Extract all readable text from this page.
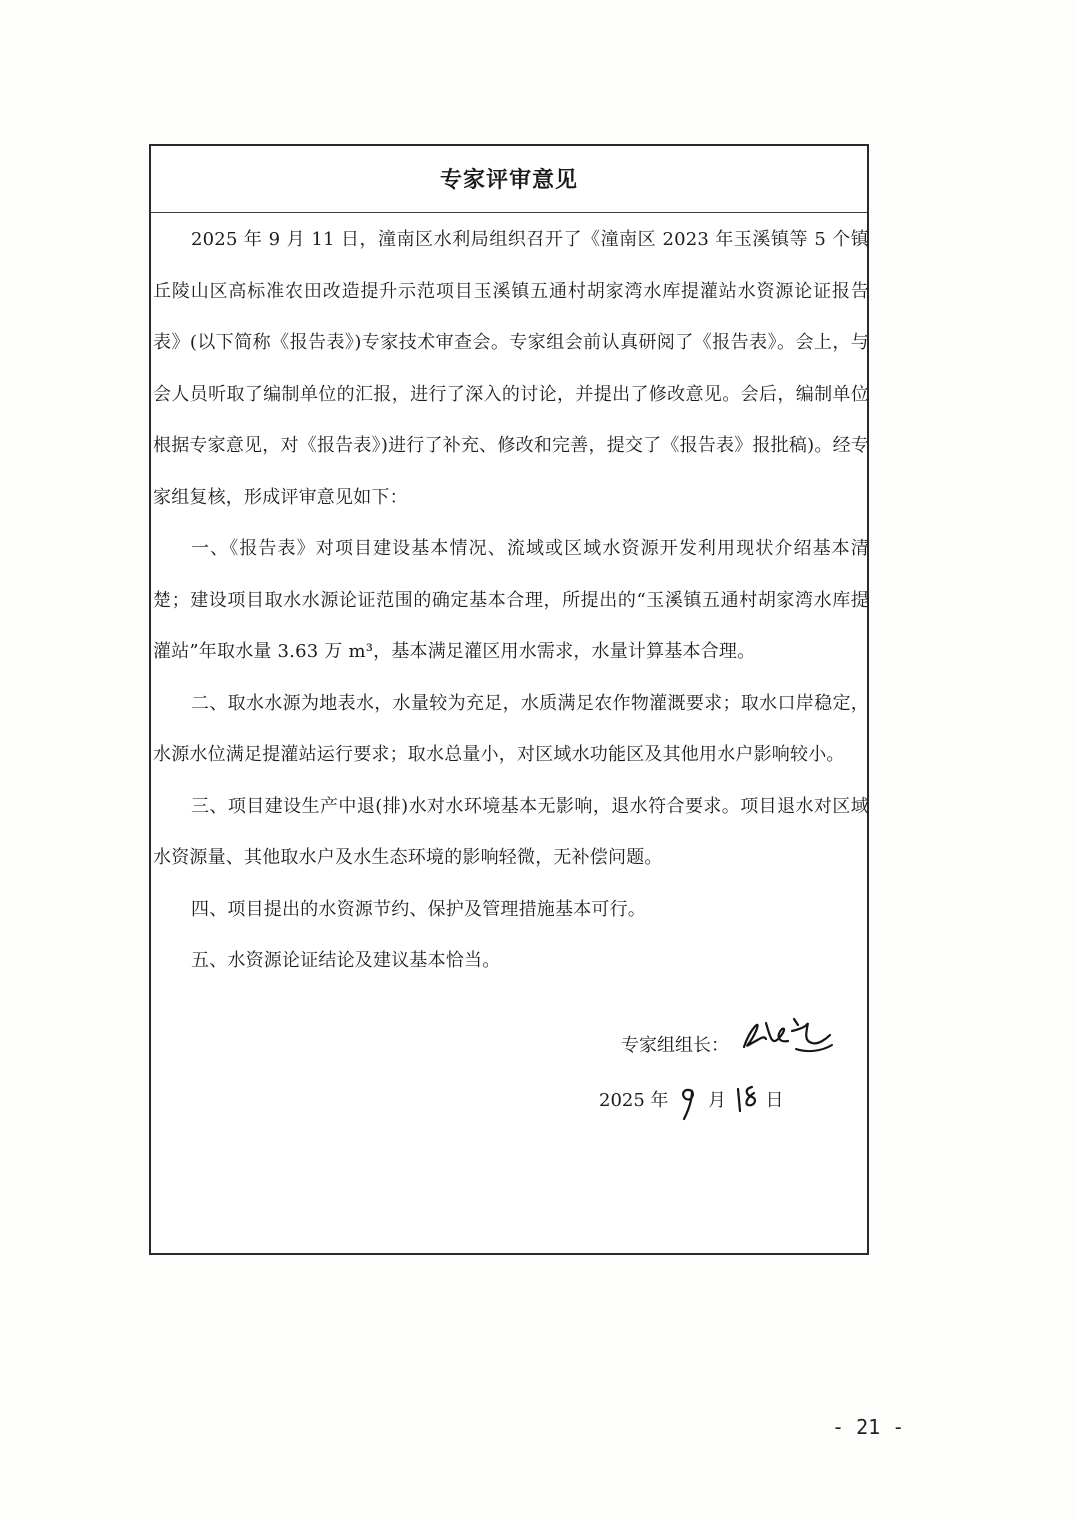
专家评审意见

2025 年 9 月 11 日，潼南区水利局组织召开了《潼南区 2023 年玉溪镇等 5 个镇丘陵山区高标准农田改造提升示范项目玉溪镇五通村胡家湾水库提灌站水资源论证报告表》(以下简称《报告表》)专家技术审查会。专家组会前认真研阅了《报告表》。会上，与会人员听取了编制单位的汇报，进行了深入的讨论，并提出了修改意见。会后，编制单位根据专家意见，对《报告表》)进行了补充、修改和完善，提交了《报告表》报批稿)。经专家组复核，形成评审意见如下：

一、《报告表》对项目建设基本情况、流域或区域水资源开发利用现状介绍基本清楚；建设项目取水水源论证范围的确定基本合理，所提出的“玉溪镇五通村胡家湾水库提灌站”年取水量 3.63 万 m³，基本满足灌区用水需求，水量计算基本合理。

二、取水水源为地表水，水量较为充足，水质满足农作物灌溉要求；取水口岸稳定，水源水位满足提灌站运行要求；取水总量小，对区域水功能区及其他用水户影响较小。

三、项目建设生产中退(排)水对水环境基本无影响，退水符合要求。项目退水对区域水资源量、其他取水户及水生态环境的影响轻微，无补偿问题。

四、项目提出的水资源节约、保护及管理措施基本可行。

五、水资源论证结论及建议基本恰当。

专家组组长：
2025 年 月 日
- 21 -
